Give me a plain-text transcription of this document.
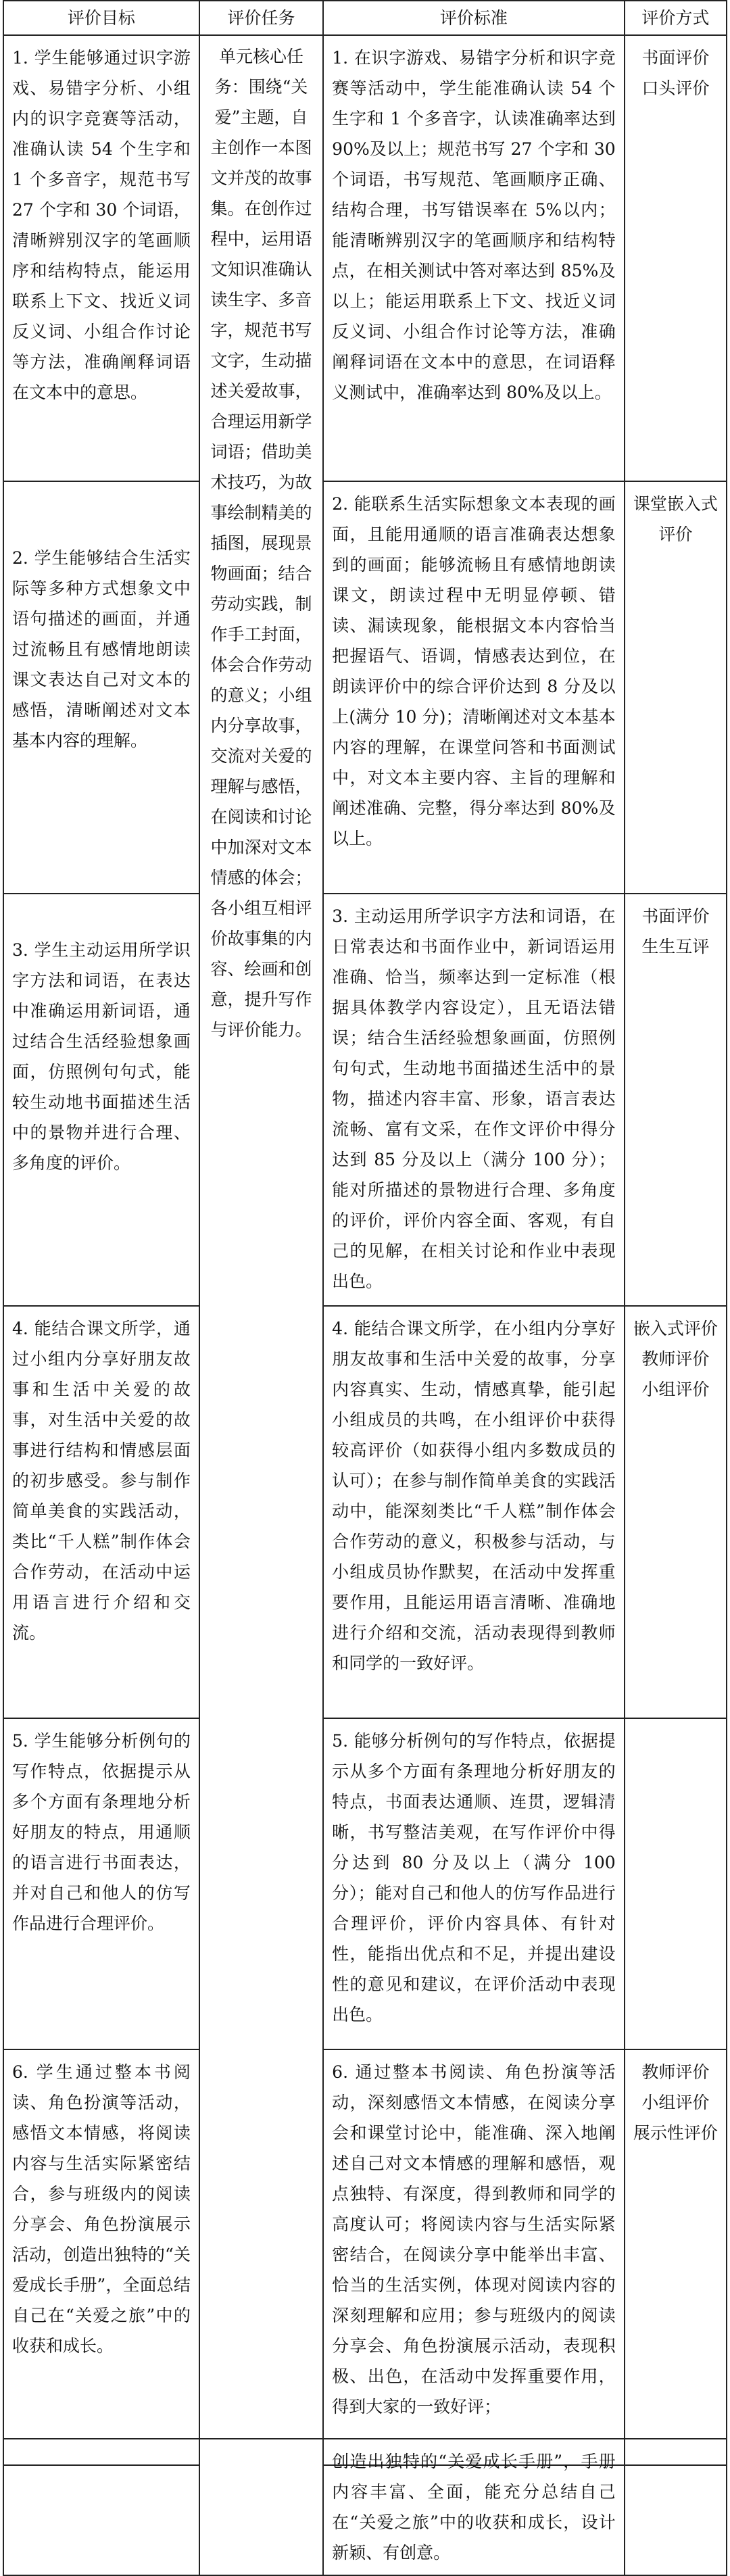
评价目标	评价任务	评价标准	评价方式
1. 学生能够通过识字游戏、易错字分析、小组内的识字竞赛等活动，准确认读 54 个生字和 1 个多音字，规范书写 27 个字和 30 个词语，清晰辨别汉字的笔画顺序和结构特点，能运用联系上下文、找近义词反义词、小组合作讨论等方法，准确阐释词语在文本中的意思。	单元核心任务：围绕“关爱”主题，自主创作一本图文并茂的故事集。在创作过程中，运用语文知识准确认读生字、多音字，规范书写文字，生动描述关爱故事，合理运用新学词语；借助美术技巧，为故事绘制精美的插图，展现景物画面；结合劳动实践，制作手工封面，体会合作劳动的意义；小组内分享故事，交流对关爱的理解与感悟，在阅读和讨论中加深对文本情感的体会；各小组互相评价故事集的内容、绘画和创意，提升写作与评价能力。	1. 在识字游戏、易错字分析和识字竞赛等活动中，学生能准确认读 54 个生字和 1 个多音字，认读准确率达到 90%及以上；规范书写 27 个字和 30 个词语，书写规范、笔画顺序正确、结构合理，书写错误率在 5%以内；能清晰辨别汉字的笔画顺序和结构特点，在相关测试中答对率达到 85%及以上；能运用联系上下文、找近义词反义词、小组合作讨论等方法，准确阐释词语在文本中的意思，在词语释义测试中，准确率达到 80%及以上。	书面评价
口头评价

2. 学生能够结合生活实际等多种方式想象文中语句描述的画面，并通过流畅且有感情地朗读课文表达自己对文本的感悟，清晰阐述对文本基本内容的理解。		2. 能联系生活实际想象文本表现的画面，且能用通顺的语言准确表达想象到的画面；能够流畅且有感情地朗读课文，朗读过程中无明显停顿、错读、漏读现象，能根据文本内容恰当把握语气、语调，情感表达到位，在朗读评价中的综合评价达到 8 分及以上(满分 10 分)；清晰阐述对文本基本内容的理解，在课堂问答和书面测试中，对文本主要内容、主旨的理解和阐述准确、完整，得分率达到 80%及以上。	课堂嵌入式评价

3. 学生主动运用所学识字方法和词语，在表达中准确运用新词语，通过结合生活经验想象画面，仿照例句句式，能较生动地书面描述生活中的景物并进行合理、多角度的评价。		3. 主动运用所学识字方法和词语，在日常表达和书面作业中，新词语运用准确、恰当，频率达到一定标准（根据具体教学内容设定），且无语法错误；结合生活经验想象画面，仿照例句句式，生动地书面描述生活中的景物，描述内容丰富、形象，语言表达流畅、富有文采，在作文评价中得分达到 85 分及以上（满分 100 分）；能对所描述的景物进行合理、多角度的评价，评价内容全面、客观，有自己的见解，在相关讨论和作业中表现出色。	书面评价
生生互评

4. 能结合课文所学，通过小组内分享好朋友故事和生活中关爱的故事，对生活中关爱的故事进行结构和情感层面的初步感受。参与制作简单美食的实践活动，类比“千人糕”制作体会合作劳动，在活动中运用语言进行介绍和交流。		4. 能结合课文所学，在小组内分享好朋友故事和生活中关爱的故事，分享内容真实、生动，情感真挚，能引起小组成员的共鸣，在小组评价中获得较高评价（如获得小组内多数成员的认可）；在参与制作简单美食的实践活动中，能深刻类比“千人糕”制作体会合作劳动的意义，积极参与活动，与小组成员协作默契，在活动中发挥重要作用，且能运用语言清晰、准确地进行介绍和交流，活动表现得到教师和同学的一致好评。	嵌入式评价
教师评价
小组评价

5. 学生能够分析例句的写作特点，依据提示从多个方面有条理地分析好朋友的特点，用通顺的语言进行书面表达，并对自己和他人的仿写作品进行合理评价。		5. 能够分析例句的写作特点，依据提示从多个方面有条理地分析好朋友的特点，书面表达通顺、连贯，逻辑清晰，书写整洁美观，在写作评价中得分达到 80 分及以上（满分 100 分）；能对自己和他人的仿写作品进行合理评价，评价内容具体、有针对性，能指出优点和不足，并提出建设性的意见和建议，在评价活动中表现出色。	

6. 学生通过整本书阅读、角色扮演等活动，感悟文本情感，将阅读内容与生活实际紧密结合，参与班级内的阅读分享会、角色扮演展示活动，创造出独特的“关爱成长手册”，全面总结自己在“关爱之旅”中的收获和成长。		6. 通过整本书阅读、角色扮演等活动，深刻感悟文本情感，在阅读分享会和课堂讨论中，能准确、深入地阐述自己对文本情感的理解和感悟，观点独特、有深度，得到教师和同学的高度认可；将阅读内容与生活实际紧密结合，在阅读分享中能举出丰富、恰当的生活实例，体现对阅读内容的深刻理解和应用；参与班级内的阅读分享会、角色扮演展示活动，表现积极、出色，在活动中发挥重要作用，得到大家的一致好评；	教师评价
小组评价
展示性评价
		创造出独特的“关爱成长手册”，手册内容丰富、全面，能充分总结自己在“关爱之旅”中的收获和成长，设计新颖、有创意。	
